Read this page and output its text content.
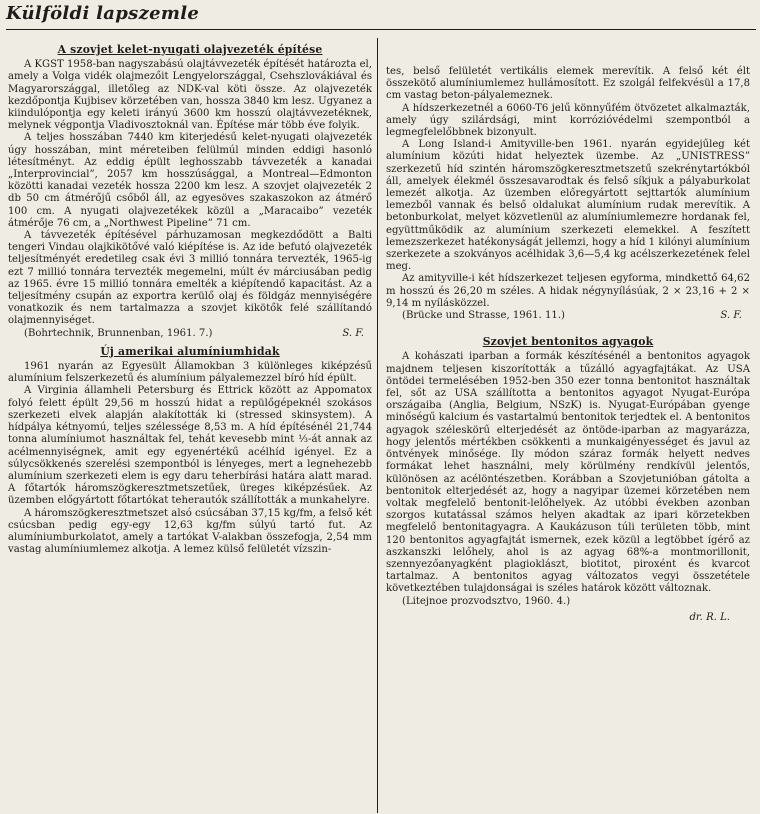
Külföldi lapszemle
A szovjet kelet-nyugati olajvezeték építése

A KGST 1958-ban nagyszabású olajtávvezeték építését határozta el, amely a Volga vidék olajmezőit Lengyelországgal, Csehszlovákiával és Magyarországgal, illetőleg az NDK-val köti össze. Az olajvezeték kezdőpontja Kujbisev körzetében van, hossza 3840 km lesz. Ugyanez a kiindulópontja egy keleti irányú 3600 km hosszú olajtávvezetéknek, melynek végpontja Vladivosztoknál van. Építése már több éve folyik.

A teljes hosszában 7440 km kiterjedésű kelet-nyugati olajvezeték úgy hosszában, mint méreteiben felülmúl minden eddigi hasonló létesítményt. Az eddig épült leghosszabb távvezeték a kanadai „Interprovincial”, 2057 km hosszúsággal, a Montreal—Edmonton közötti kanadai vezeték hossza 2200 km lesz. A szovjet olajvezeték 2 db 50 cm átmérőjű csőből áll, az egyesöves szakaszokon az átmérő 100 cm. A nyugati olajvezetékek közül a „Maracaibo” vezeték átmérője 76 cm, a „Northwest Pipeline” 71 cm.

A távvezeték építésével párhuzamosan megkezdődött a Balti tengeri Vindau olajkikötővé való kiépítése is. Az ide befutó olajvezeték teljesítményét eredetileg csak évi 3 millió tonnára tervezték, 1965-ig ezt 7 millió tonnára tervezték megemelni, múlt év márciusában pedig az 1965. évre 15 millió tonnára emelték a kiépítendő kapacitást. Az a teljesítmény csupán az exportra kerülő olaj és földgáz mennyiségére vonatkozik és nem tartalmazza a szovjet kikötők felé szállítandó olajmennyiséget.

(Bohrtechnik, Brunnenban, 1961. 7.)	S. F.
Új amerikai alumíniumhidak

1961 nyarán az Egyesült Államokban 3 különleges kiképzésű alumínium felszerkezetű és alumínium pályalemezzel bíró híd épült.

A Virginia államheli Petersburg és Ettrick között az Appomatox folyó felett épült 29,56 m hosszú hidat a repülőgépeknél szokásos szerkezeti elvek alapján alakították ki (stressed skinsystem). A hídpálya kétnyomú, teljes szélessége 8,53 m. A híd építésénél 21,744 tonna alumíniumot használtak fel, tehát kevesebb mint ⅓-át annak az acélmennyiségnek, amit egy egyenértékű acélhíd igényel. Ez a súlycsökkenés szerelési szempontból is lényeges, mert a legnehezebb alumínium szerkezeti elem is egy daru teherbírási határa alatt marad. A főtartók háromszögkeresztmetszetűek, üreges kiképzésűek. Az üzemben előgyártott főtartókat teherautók szállították a munkahelyre.

A háromszögkeresztmetszet alsó csúcsában 37,15 kg/fm, a felső két csúcsban pedig egy-egy 12,63 kg/fm súlyú tartó fut. Az alumíniumburkolatot, amely a tartókat V-alakban összefogja, 2,54 mm vastag alumíniumlemez alkotja. A lemez külső felületét vízszin-

tes, belső felületét vertikális elemek merevítik. A felső két élt összekötő alumíniumlemez hullámosított. Ez szolgál felfekvésül a 17,8 cm vastag beton-pályalemeznek.

A hídszerkezetnél a 6060-T6 jelű könnyűfém ötvözetet alkalmazták, amely úgy szilárdsági, mint korrózióvédelmi szempontból a legmegfelelőbbnek bizonyult.

A Long Island-i Amityville-ben 1961. nyarán egyidejűleg két alumínium közúti hidat helyeztek üzembe. Az „UNISTRESS” szerkezetű híd szintén háromszögkeresztmetszetű szekrénytartókból áll, amelyek élekmél összesavarodtak és felső síkjuk a pályaburkolat lemezét alkotja. Az üzemben előregyártott sejttartók alumínium lemezből vannak és belső oldalukat alumínium rudak merevítik. A betonburkolat, melyet közvetlenül az alumíniumlemezre hordanak fel, együttműködik az alumínium szerkezeti elemekkel. A feszített lemezszerkezet hatékonyságát jellemzi, hogy a híd 1 kilónyi alumínium szerkezete a szokványos acélhidak 3,6—5,4 kg acélszerkezetének felel meg.

Az amityville-i két hídszerkezet teljesen egyforma, mindkettő 64,62 m hosszú és 26,20 m széles. A hidak négynyílásúak, 2 × 23,16 + 2 × 9,14 m nyílásközzel.

(Brücke und Strasse, 1961. 11.)	S. F.
Szovjet bentonitos agyagok

A kohászati iparban a formák készítésénél a bentonitos agyagok majdnem teljesen kiszorították a tűzálló agyagfajtákat. Az USA öntödei termelésében 1952-ben 350 ezer tonna bentonitot használtak fel, sőt az USA szállította a bentonitos agyagot Nyugat-Európa országaiba (Anglia, Belgium, NSzK) is. Nyugat-Európában gyenge minőségű kalcium és vastartalmú bentonitok terjedtek el. A bentonitos agyagok széleskörű elterjedését az öntöde-iparban az magyarázza, hogy jelentős mértékben csökkenti a munkaigényességet és javul az öntvények minősége. Ily módon száraz formák helyett nedves formákat lehet használni, mely körülmény rendkívül jelentős, különösen az acélöntészetben. Korábban a Szovjetunióban gátolta a bentonitok elterjedését az, hogy a nagyipar üzemei körzetében nem voltak megfelelő bentonit-lelőhelyek. Az utóbbi években azonban szorgos kutatással számos helyen akadtak az ipari körzetekben megfelelő bentonitagyagra. A Kaukázuson túli területen több, mint 120 bentonitos agyagfajtát ismernek, ezek közül a legtöbbet ígérő az aszkanszki lelőhely, ahol is az agyag 68%-a montmorillonit, szennyezőanyagként plagioklászt, biotitot, piroxént és kvarcot tartalmaz. A bentonitos agyag változatos vegyi összetétele következtében tulajdonságai is széles határok között változnak.

(Litejnoe prozvodsztvo, 1960. 4.)

dr. R. L.
